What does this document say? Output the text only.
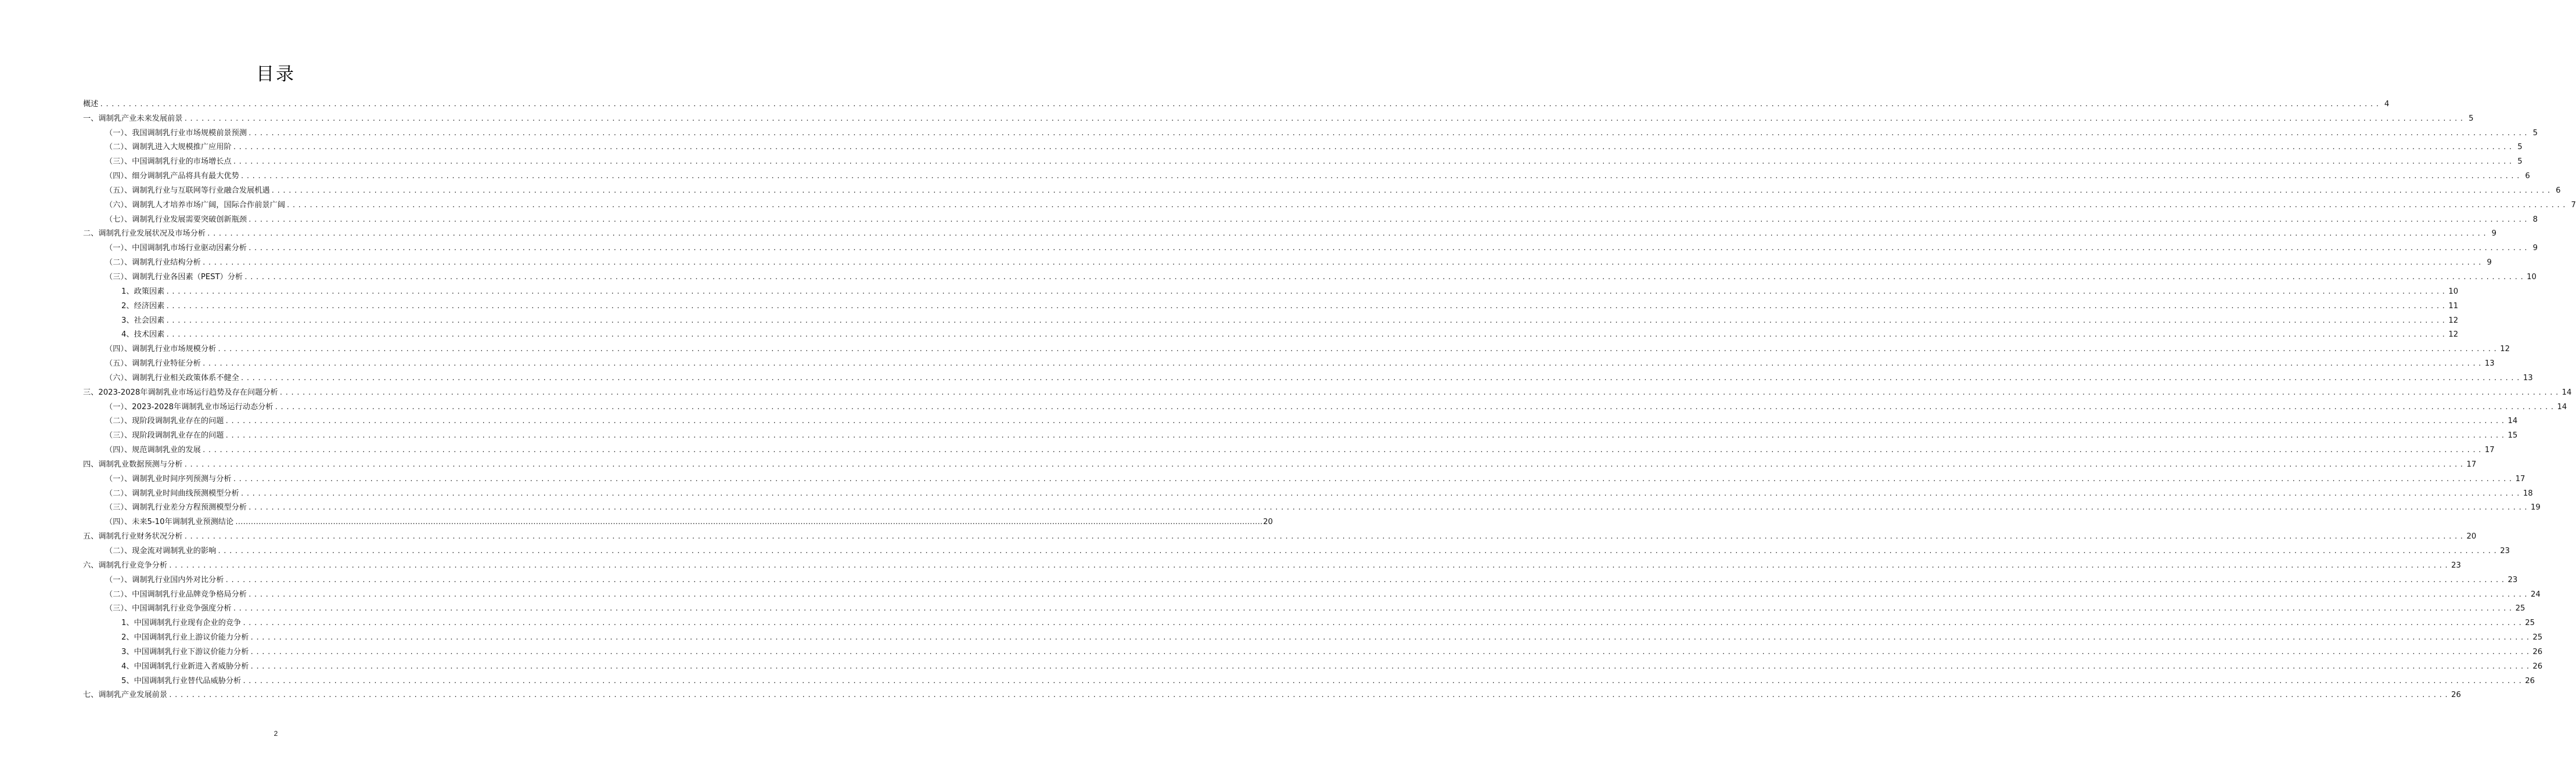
目录
概述 ................................................................................................................................................................................................................................................................................................................................................................................................................ 4
一、调制乳产业未来发展前景 ................................................................................................................................................................................................................................................................................................................................................................................................................ 5
（一）、我国调制乳行业市场规模前景预测 ................................................................................................................................................................................................................................................................................................................................................................................................................ 5
（二）、调制乳进入大规模推广应用阶 ................................................................................................................................................................................................................................................................................................................................................................................................................ 5
（三）、中国调制乳行业的市场增长点 ................................................................................................................................................................................................................................................................................................................................................................................................................ 5
（四）、细分调制乳产品将具有最大优势 ................................................................................................................................................................................................................................................................................................................................................................................................................ 6
（五）、调制乳行业与互联网等行业融合发展机遇 ................................................................................................................................................................................................................................................................................................................................................................................................................ 6
（六）、调制乳人才培养市场广阔，国际合作前景广阔 ................................................................................................................................................................................................................................................................................................................................................................................................................ 7
（七）、调制乳行业发展需要突破创新瓶颈 ................................................................................................................................................................................................................................................................................................................................................................................................................ 8
二、调制乳行业发展状况及市场分析 ................................................................................................................................................................................................................................................................................................................................................................................................................ 9
（一）、中国调制乳市场行业驱动因素分析 ................................................................................................................................................................................................................................................................................................................................................................................................................ 9
（二）、调制乳行业结构分析 ................................................................................................................................................................................................................................................................................................................................................................................................................ 9
（三）、调制乳行业各因素（PEST）分析 ................................................................................................................................................................................................................................................................................................................................................................................................................ 10
1、政策因素 ................................................................................................................................................................................................................................................................................................................................................................................................................ 10
2、经济因素 ................................................................................................................................................................................................................................................................................................................................................................................................................ 11
3、社会因素 ................................................................................................................................................................................................................................................................................................................................................................................................................ 12
4、技术因素 ................................................................................................................................................................................................................................................................................................................................................................................................................ 12
（四）、调制乳行业市场规模分析 ................................................................................................................................................................................................................................................................................................................................................................................................................ 12
（五）、调制乳行业特征分析 ................................................................................................................................................................................................................................................................................................................................................................................................................ 13
（六）、调制乳行业相关政策体系不健全 ................................................................................................................................................................................................................................................................................................................................................................................................................ 13
三、2023-2028年调制乳业市场运行趋势及存在问题分析 ................................................................................................................................................................................................................................................................................................................................................................................................................ 14
（一）、2023-2028年调制乳业市场运行动态分析 ................................................................................................................................................................................................................................................................................................................................................................................................................ 14
（二）、现阶段调制乳业存在的问题 ................................................................................................................................................................................................................................................................................................................................................................................................................ 14
（三）、现阶段调制乳业存在的问题 ................................................................................................................................................................................................................................................................................................................................................................................................................ 15
（四）、规范调制乳业的发展 ................................................................................................................................................................................................................................................................................................................................................................................................................ 17
四、调制乳业数据预测与分析 ................................................................................................................................................................................................................................................................................................................................................................................................................ 17
（一）、调制乳业时间序列预测与分析 ................................................................................................................................................................................................................................................................................................................................................................................................................ 17
（二）、调制乳业时间曲线预测模型分析 ................................................................................................................................................................................................................................................................................................................................................................................................................ 18
（三）、调制乳行业差分方程预测模型分析 ................................................................................................................................................................................................................................................................................................................................................................................................................ 19
（四）、未来5-10年调制乳业预测结论 ................................................................................................................................................................................................................................................................................................................................................................................................................ 20
五、调制乳行业财务状况分析 ................................................................................................................................................................................................................................................................................................................................................................................................................ 20
（二）、现金流对调制乳业的影响 ................................................................................................................................................................................................................................................................................................................................................................................................................ 23
六、调制乳行业竞争分析 ................................................................................................................................................................................................................................................................................................................................................................................................................ 23
（一）、调制乳行业国内外对比分析 ................................................................................................................................................................................................................................................................................................................................................................................................................ 23
（二）、中国调制乳行业品牌竞争格局分析 ................................................................................................................................................................................................................................................................................................................................................................................................................ 24
（三）、中国调制乳行业竞争强度分析 ................................................................................................................................................................................................................................................................................................................................................................................................................ 25
1、中国调制乳行业现有企业的竞争 ................................................................................................................................................................................................................................................................................................................................................................................................................ 25
2、中国调制乳行业上游议价能力分析 ................................................................................................................................................................................................................................................................................................................................................................................................................ 25
3、中国调制乳行业下游议价能力分析 ................................................................................................................................................................................................................................................................................................................................................................................................................ 26
4、中国调制乳行业新进入者威胁分析 ................................................................................................................................................................................................................................................................................................................................................................................................................ 26
5、中国调制乳行业替代品威胁分析 ................................................................................................................................................................................................................................................................................................................................................................................................................ 26
七、调制乳产业发展前景 ................................................................................................................................................................................................................................................................................................................................................................................................................ 26
2
